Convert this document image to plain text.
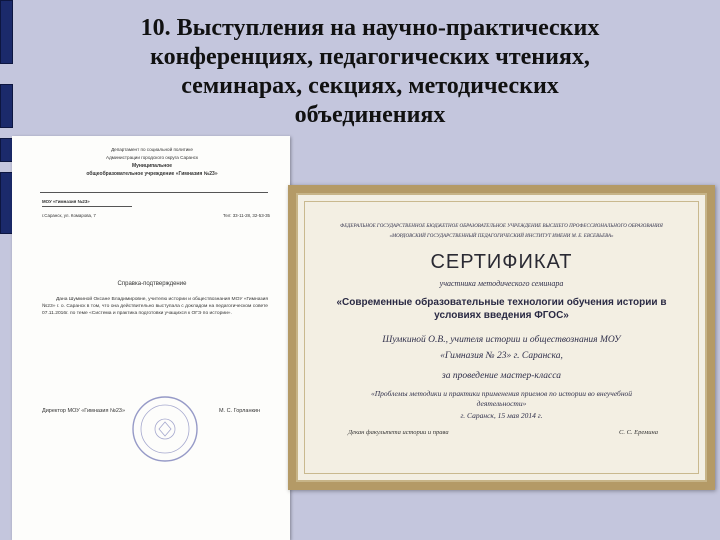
10. Выступления на научно-практических
конференциях, педагогических чтениях,
семинарах, секциях, методических
объединениях
Департамент по социальной политике
Администрации городского округа Саранск
Муниципальное
общеобразовательное учреждение «Гимназия №23»
МОУ «Гимназия №23»
г.Саранск, ул. Комарова, 7	Тел: 33-11-28, 32-53-35
Справка-подтверждение
Дана Шумкиной Оксане Владимировне, учителю истории и обществознания МОУ «Гимназия №23» г. о. Саранск в том, что она действительно выступала с докладом на педагогическом совете 07.11.2016г. по теме «Система и практика подготовки учащихся к ОГЭ по истории».
Директор МОУ «Гимназия №23»	М. С. Горланкин
ФЕДЕРАЛЬНОЕ ГОСУДАРСТВЕННОЕ БЮДЖЕТНОЕ ОБРАЗОВАТЕЛЬНОЕ УЧРЕЖДЕНИЕ ВЫСШЕГО ПРОФЕССИОНАЛЬНОГО ОБРАЗОВАНИЯ
«МОРДОВСКИЙ ГОСУДАРСТВЕННЫЙ ПЕДАГОГИЧЕСКИЙ ИНСТИТУТ ИМЕНИ М. Е. ЕВСЕВЬЕВА»
СЕРТИФИКАТ
участника методического семинара
«Современные образовательные технологии обучения истории в
условиях введения ФГОС»
Шумкиной О.В., учителя истории и обществознания МОУ
«Гимназия № 23» г. Саранска,
за проведение мастер-класса
«Проблемы методики и практики применения приемов по истории во внеучебной
деятельности»
г. Саранск, 15 мая 2014 г.
Декан факультета истории и права	С. С. Еремина
